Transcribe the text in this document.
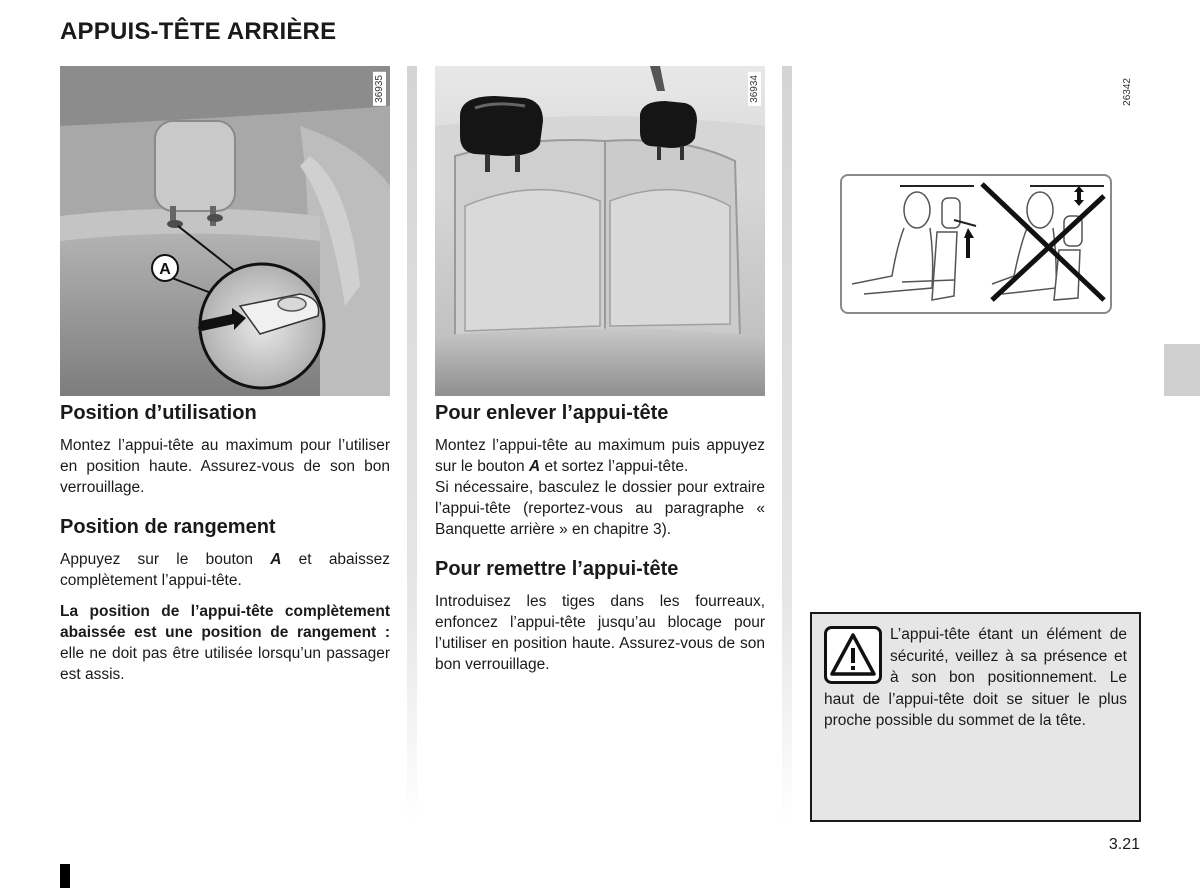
APPUIS-TÊTE ARRIÈRE
A
36935	36934	26342
Position d’utilisation

Montez l’appui-tête au maximum pour l’utiliser en position haute. Assurez-vous de son bon verrouillage.

Position de rangement

Appuyez sur le bouton A et abaissez complètement l’appui-tête.

La position de l’appui-tête complètement abaissée est une position de rangement : elle ne doit pas être utilisée lorsqu’un passager est assis.

Pour enlever l’appui-tête

Montez l’appui-tête au maximum puis appuyez sur le bouton A et sortez l’appui-tête.

Si nécessaire, basculez le dossier pour extraire l’appui-tête (reportez-vous au paragraphe « Banquette arrière » en chapitre 3).

Pour remettre l’appui-tête

Introduisez les tiges dans les fourreaux, enfoncez l’appui-tête jusqu’au blocage pour l’utiliser en position haute. Assurez-vous de son bon verrouillage.

L’appui-tête étant un élément de sécurité, veillez à sa présence et à son bon positionnement. Le haut de l’appui-tête doit se situer le plus proche possible du sommet de la tête.

3.21
